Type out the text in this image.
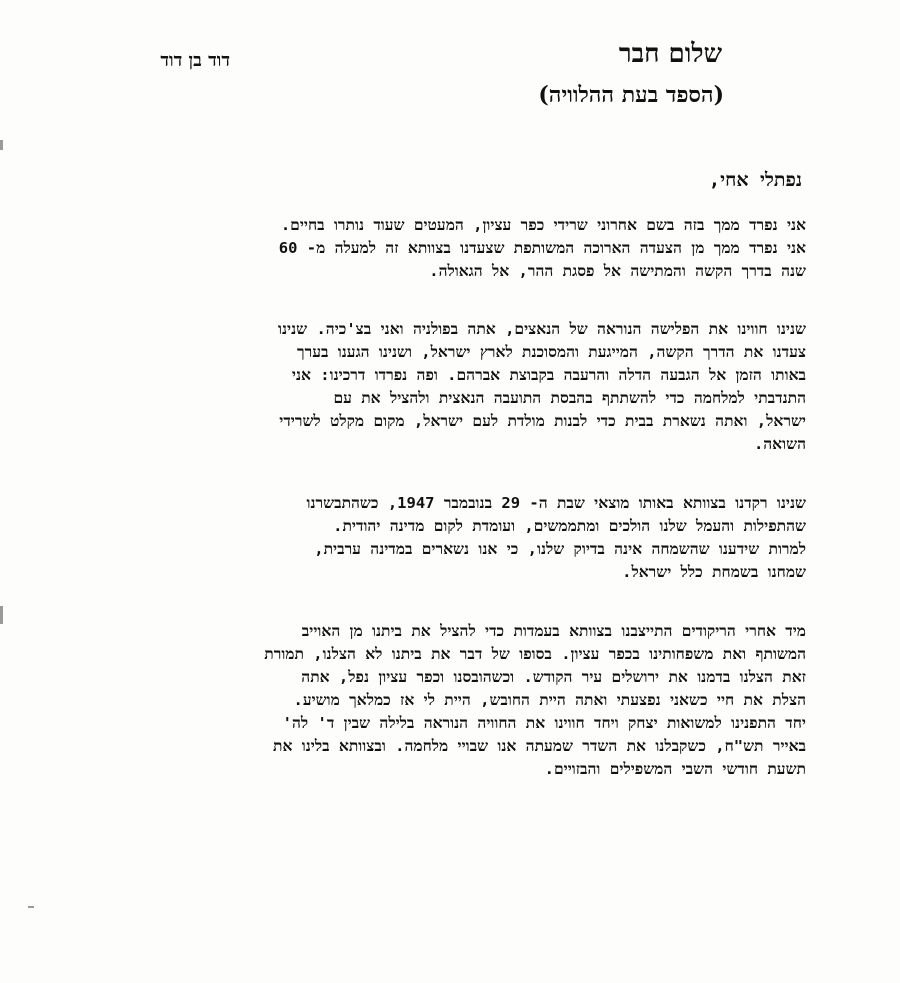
שלום חבר
(הספד בעת ההלוויה)
דוד בן דוד
נפתלי אחי,
אני נפרד ממך בזה בשם אחרוני שרידי כפר עציון, המעטים שעוד נותרו בחיים.
אני נפרד ממך מן הצעדה הארוכה המשותפת שצעדנו בצוותא זה למעלה מ- 60
שנה בדרך הקשה והמתישה אל פסגת ההר, אל הגאולה.
שנינו חווינו את הפלישה הנוראה של הנאצים, אתה בפולניה ואני בצ'כיה. שנינו
צעדנו את הדרך הקשה, המייגעת והמסוכנת לארץ ישראל, ושנינו הגענו בערך
באותו הזמן אל הגבעה הדלה והרעבה בקבוצת אברהם. ופה נפרדו דרכינו: אני
התנדבתי למלחמה כדי להשתתף בהבסת התועבה הנאצית ולהציל את עם
ישראל, ואתה נשארת בבית כדי לבנות מולדת לעם ישראל, מקום מקלט לשרידי
השואה.
שנינו רקדנו בצוותא באותו מוצאי שבת ה- 29 בנובמבר 1947, כשהתבשרנו
שהתפילות והעמל שלנו הולכים ומתממשים, ועומדת לקום מדינה יהודית.
למרות שידענו שהשמחה אינה בדיוק שלנו, כי אנו נשארים במדינה ערבית,
שמחנו בשמחת כלל ישראל.
מיד אחרי הריקודים התייצבנו בצוותא בעמדות כדי להציל את ביתנו מן האוייב
המשותף ואת משפחותינו בכפר עציון. בסופו של דבר את ביתנו לא הצלנו, תמורת
זאת הצלנו בדמנו את ירושלים עיר הקודש. וכשהובסנו וכפר עציון נפל, אתה
הצלת את חיי כשאני נפצעתי ואתה היית החובש, היית לי אז כמלאך מושיע.
יחד התפנינו למשואות יצחק ויחד חווינו את החוויה הנוראה בלילה שבין ד' לה'
באייר תש"ח, כשקבלנו את השדר שמעתה אנו שבויי מלחמה. ובצוותא בלינו את
תשעת חודשי השבי המשפילים והבזויים.
